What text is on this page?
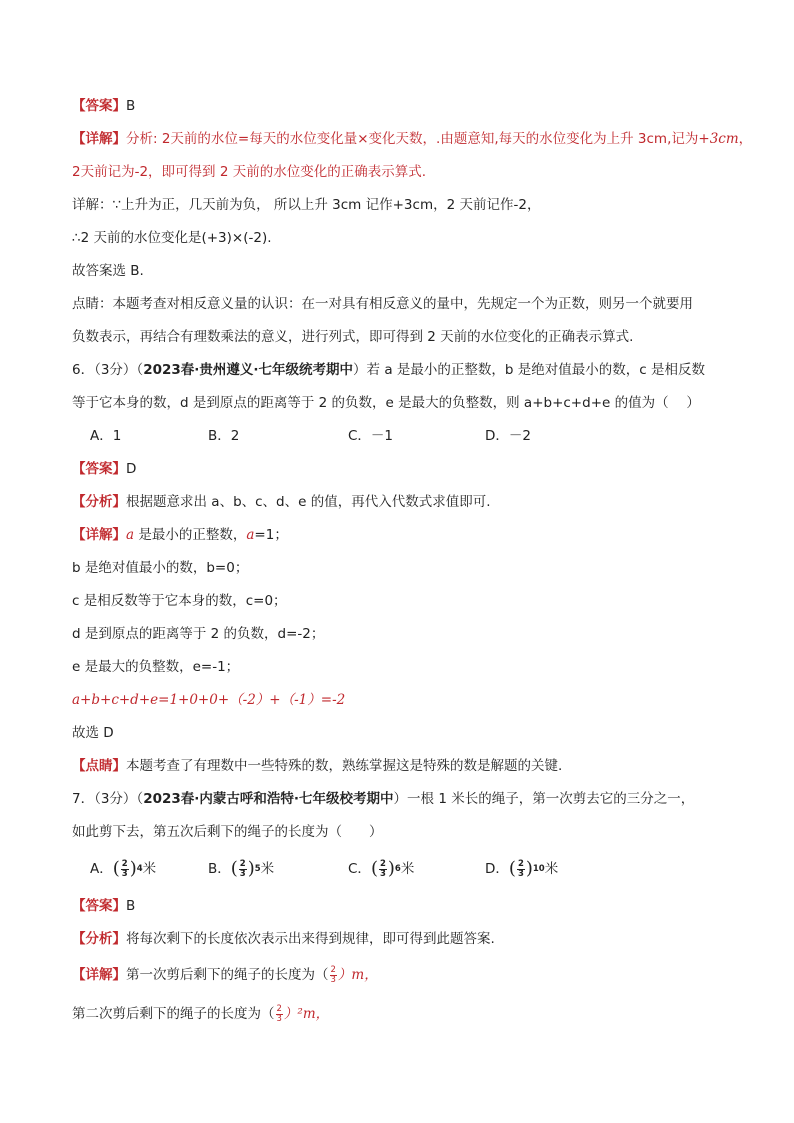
【答案】B
【详解】分析: 2天前的水位=每天的水位变化量×变化天数，.由题意知,每天的水位变化为上升 3cm,记为+3cm，
2天前记为-2，即可得到 2 天前的水位变化的正确表示算式.
详解：∵上升为正，几天前为负， 所以上升 3cm 记作+3cm，2 天前记作-2，
∴2 天前的水位变化是(+3)×(-2).
故答案选 B.
点睛：本题考查对相反意义量的认识：在一对具有相反意义的量中，先规定一个为正数，则另一个就要用
负数表示，再结合有理数乘法的意义，进行列式，即可得到 2 天前的水位变化的正确表示算式.
6．（3分）（2023春·贵州遵义·七年级统考期中）若 a 是最小的正整数，b 是绝对值最小的数，c 是相反数
等于它本身的数，d 是到原点的距离等于 2 的负数，e 是最大的负整数，则 a+b+c+d+e 的值为（　 ）
A．1	B．2	C．－1	D．－2
【答案】D
【分析】根据题意求出 a、b、c、d、e 的值，再代入代数式求值即可.
【详解】a 是最小的正整数，a=1；
b 是绝对值最小的数，b=0；
c 是相反数等于它本身的数，c=0；
d 是到原点的距离等于 2 的负数，d=-2；
e 是最大的负整数，e=-1；
a+b+c+d+e=1+0+0+（-2）+（-1）=-2
故选 D
【点睛】本题考查了有理数中一些特殊的数，熟练掌握这是特殊的数是解题的关键.
7．（3分）（2023春·内蒙古呼和浩特·七年级校考期中）一根 1 米长的绳子，第一次剪去它的三分之一，
如此剪下去，第五次后剩下的绳子的长度为（　　）
A． ( $\frac{2}{3}$ ) 4 米	B． ( $\frac{2}{3}$ ) 5 米	C． ( $\frac{2}{3}$ ) 6 米	D． ( $\frac{2}{3}$ ) 10 米
【答案】B
【分析】将每次剩下的长度依次表示出来得到规律，即可得到此题答案.
【详解】第一次剪后剩下的绳子的长度为（ $\frac{2}{3} )m$，
第二次剪后剩下的绳子的长度为（ $\frac{2}{3} )^2m$，
